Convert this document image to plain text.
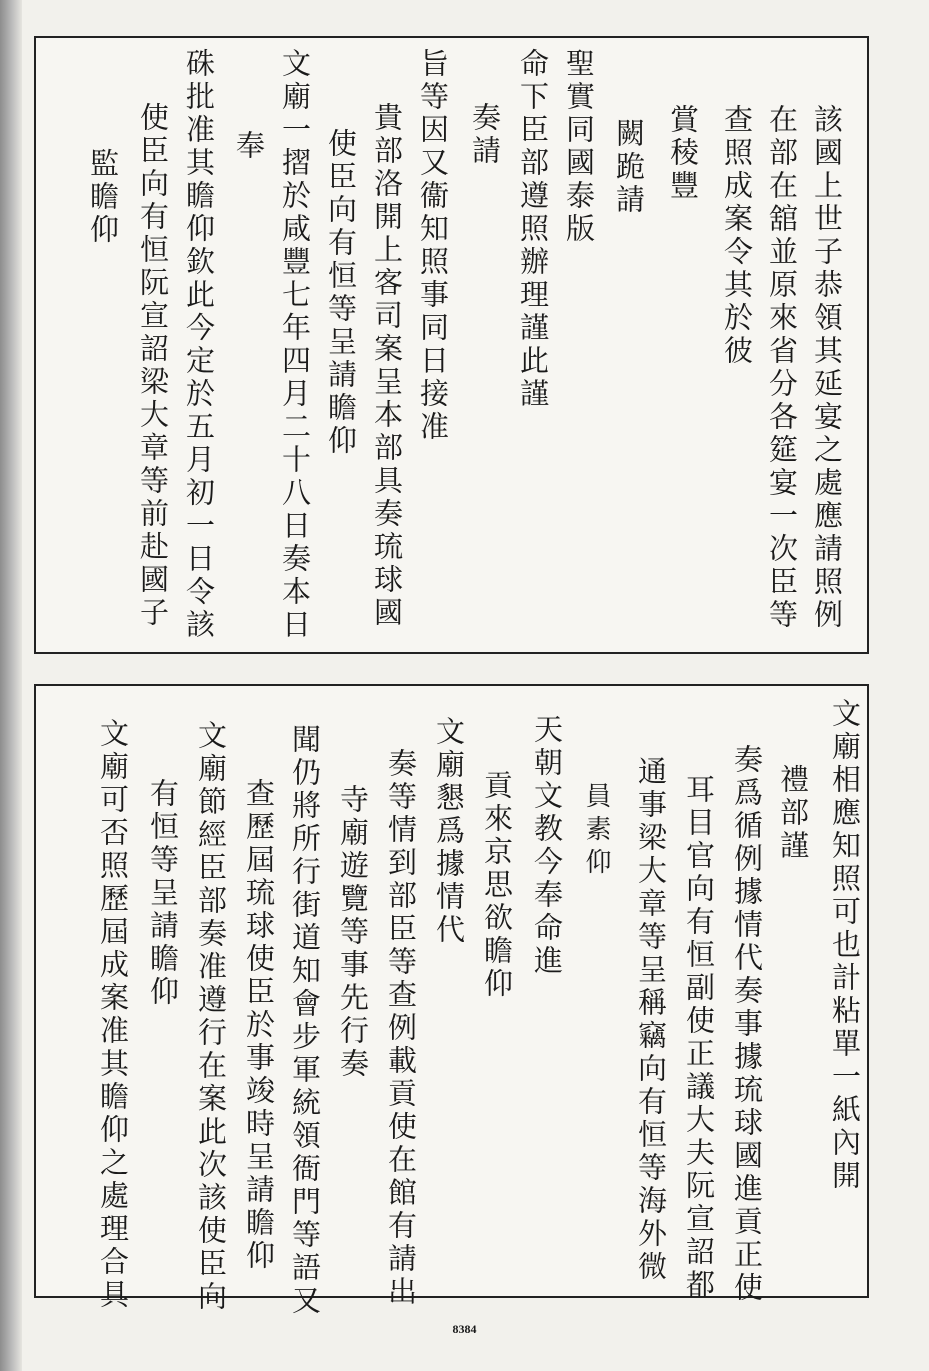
該國上世子恭領其延宴之處應請照例
在部在舘並原來省分各筵宴一次臣等
查照成案令其於彼
賞稜豐
闕跪請
聖實同國泰版
命下臣部遵照辦理謹此謹
奏請
旨等因又衞知照事同日接准
貴部洛開上客司案呈本部具奏琉球國
使臣向有恒等呈請瞻仰
文廟一摺於咸豐七年四月二十八日奏本日
奉
硃批准其瞻仰欽此今定於五月初一日令該
使臣向有恒阮宣詔梁大章等前赴國子
監瞻仰
文廟相應知照可也計粘單一紙內開
禮部謹
奏爲循例據情代奏事據琉球國進貢正使
耳目官向有恒副使正議大夫阮宣詔都
通事梁大章等呈稱竊向有恒等海外微
員素仰
天朝文教今奉命進
貢來京思欲瞻仰
文廟懇爲據情代
奏等情到部臣等查例載貢使在館有請出
寺廟遊覽等事先行奏
聞仍將所行街道知會步軍統領衙門等語又
查歷屆琉球使臣於事竣時呈請瞻仰
文廟節經臣部奏准遵行在案此次該使臣向
有恒等呈請瞻仰
文廟可否照歷屆成案准其瞻仰之處理合具
8384
